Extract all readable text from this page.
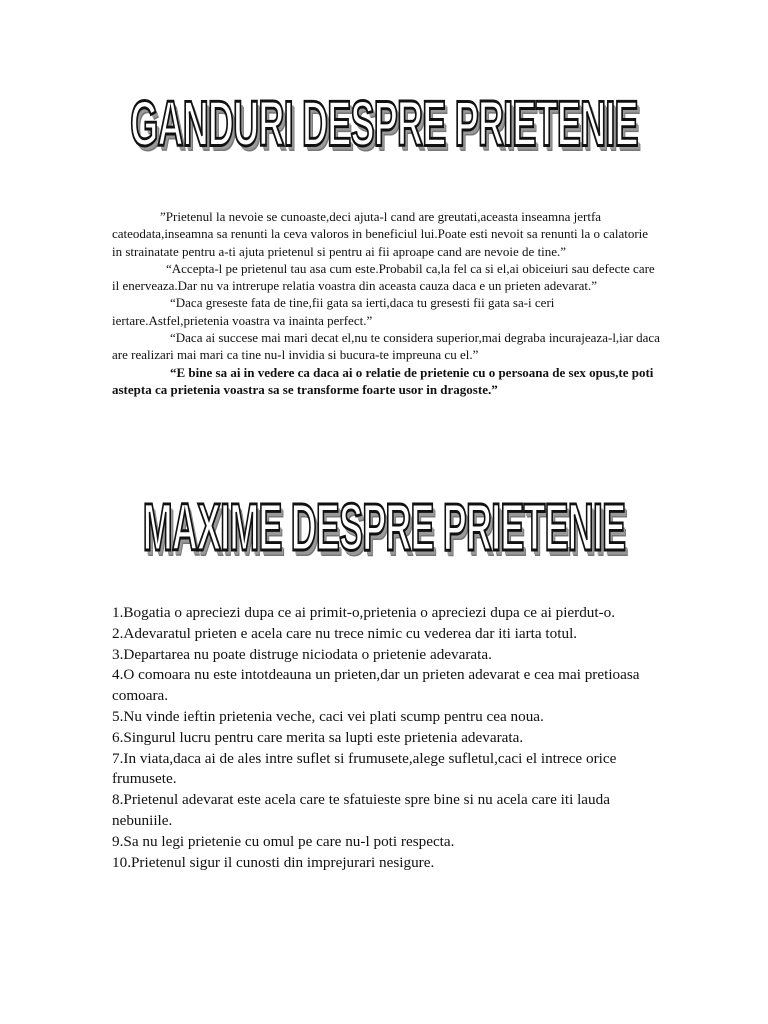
GANDURI DESPRE PRIETENIE

”Prietenul la nevoie se cunoaste,deci ajuta-l cand are greutati,aceasta inseamna jertfa cateodata,inseamna sa renunti la ceva valoros in beneficiul lui.Poate esti nevoit sa renunti la o calatorie in strainatate pentru a-ti ajuta prietenul si pentru ai fii aproape cand are nevoie de tine.”

“Accepta-l pe prietenul tau asa cum este.Probabil ca,la fel ca si el,ai obiceiuri sau defecte care il enerveaza.Dar nu va intrerupe relatia voastra din aceasta cauza daca e un prieten adevarat.”

“Daca greseste fata de tine,fii gata sa ierti,daca tu gresesti fii gata sa-i ceri iertare.Astfel,prietenia voastra va inainta perfect.”

“Daca ai succese mai mari decat el,nu te considera superior,mai degraba incurajeaza-l,iar daca are realizari mai mari ca tine nu-l invidia si bucura-te impreuna cu el.”

“E bine sa ai in vedere ca daca ai o relatie de prietenie cu o persoana de sex opus,te poti astepta ca prietenia voastra sa se transforme foarte usor in dragoste.”

MAXIME DESPRE PRIETENIE

1.Bogatia o apreciezi dupa ce ai primit-o,prietenia o apreciezi dupa ce ai pierdut-o.

2.Adevaratul prieten e acela care nu trece nimic cu vederea dar iti iarta totul.

3.Departarea nu poate distruge niciodata o prietenie adevarata.

4.O comoara nu este intotdeauna un prieten,dar un prieten adevarat e cea mai pretioasa comoara.

5.Nu vinde ieftin prietenia veche, caci vei plati scump pentru cea noua.

6.Singurul lucru pentru care merita sa lupti este prietenia adevarata.

7.In viata,daca ai de ales intre suflet si frumusete,alege sufletul,caci el intrece orice frumusete.

8.Prietenul adevarat este acela care te sfatuieste spre bine si nu acela care iti lauda nebuniile.

9.Sa nu legi prietenie cu omul pe care nu-l poti respecta.

10.Prietenul sigur il cunosti din imprejurari nesigure.
